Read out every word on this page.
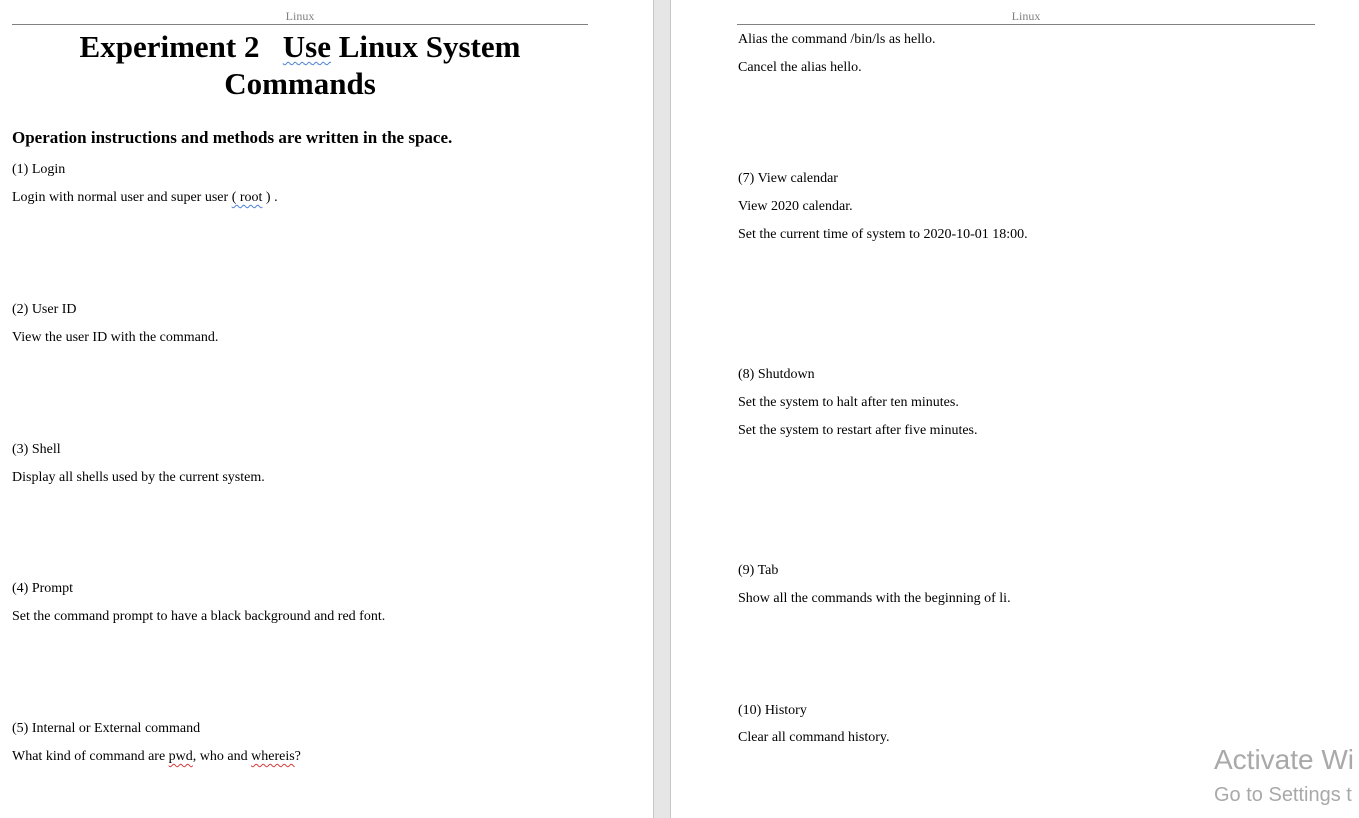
Linux
Experiment 2 Use Linux System
Commands
Operation instructions and methods are written in the space.
(1) Login
Login with normal user and super user ( root ) .
(2) User ID
View the user ID with the command.
(3) Shell
Display all shells used by the current system.
(4) Prompt
Set the command prompt to have a black background and red font.
(5) Internal or External command
What kind of command are pwd, who and whereis?
Linux
Alias the command /bin/ls as hello.
Cancel the alias hello.
(7) View calendar
View 2020 calendar.
Set the current time of system to 2020-10-01 18:00.
(8) Shutdown
Set the system to halt after ten minutes.
Set the system to restart after five minutes.
(9) Tab
Show all the commands with the beginning of li.
(10) History
Clear all command history.
Activate Wi
Go to Settings t
